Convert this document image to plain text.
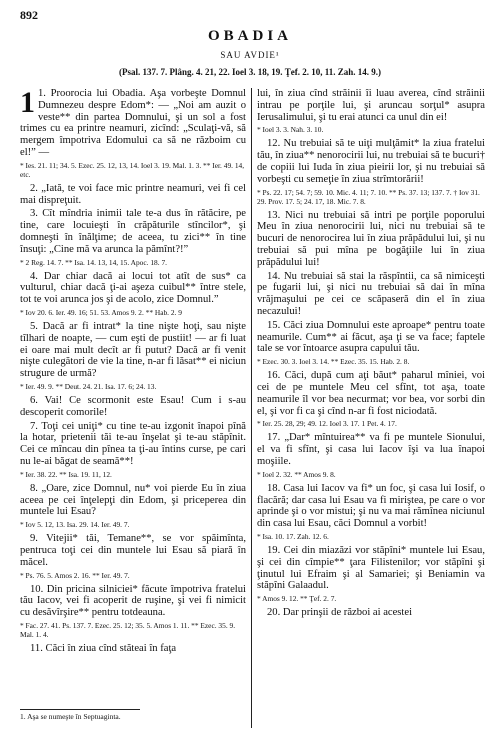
892
OBADIA
SAU AVDIE¹
(Psal. 137. 7. Plâng. 4. 21, 22. Ioel 3. 18, 19. Ţef. 2. 10, 11. Zah. 14. 9.)
1 1. Proorocia lui Obadia. Aşa vorbeşte Domnul Dumnezeu despre Edom*: — „Noi am auzit o veste** din partea Domnului, şi un sol a fost trimes cu ea printre neamuri, zicînd: „Sculaţi-vă, să mergem împotriva Edomului ca să ne războim cu el!” —

* Ies. 21. 11; 34. 5. Ezec. 25. 12, 13, 14. Ioel 3. 19. Mal. 1. 3. ** Ier. 49. 14, etc.

2. „Iată, te voi face mic printre neamuri, vei fi cel mai dispreţuit.

3. Cît mîndria inimii tale te-a dus în rătăcire, pe tine, care locuieşti în crăpăturile stîncilor*, şi domneşti în înălţime; de aceea, tu zici** în tine însuţi: „Cine mă va arunca la pămînt?!”

* 2 Reg. 14. 7. ** Isa. 14. 13, 14, 15. Apoc. 18. 7.

4. Dar chiar dacă ai locui tot atît de sus* ca vulturul, chiar dacă ţi-ai aşeza cuibul** între stele, tot te voi arunca jos şi de acolo, zice Domnul.”

* Iov 20. 6. Ier. 49. 16; 51. 53. Amos 9. 2. ** Hab. 2. 9

5. Dacă ar fi intrat* la tine nişte hoţi, sau nişte tîlhari de noapte, — cum eşti de pustiit! — ar fi luat ei oare mai mult decît ar fi putut? Dacă ar fi venit nişte culegători de vie la tine, n-ar fi lăsat** ei niciun strugure de urmă?

* Ier. 49. 9. ** Deut. 24. 21. Isa. 17. 6; 24. 13.

6. Vai! Ce scormonit este Esau! Cum i s-au descoperit comorile!

7. Toţi cei uniţi* cu tine te-au izgonit înapoi pînă la hotar, prietenii tăi te-au înşelat şi te-au stăpînit. Cei ce mîncau din pînea ta ţi-au întins curse, pe cari nu le-ai băgat de seamă**!

* Ier. 38. 22. ** Isa. 19. 11, 12.

8. „Oare, zice Domnul, nu* voi pierde Eu în ziua aceea pe cei înţelepţi din Edom, şi priceperea din muntele lui Esau?

* Iov 5. 12, 13. Isa. 29. 14. Ier. 49. 7.

9. Vitejii* tăi, Temane**, se vor spăimînta, pentruca toţi cei din muntele lui Esau să piară în măcel.

* Ps. 76. 5. Amos 2. 16. ** Ier. 49. 7.

10. Din pricina silniciei* făcute împotriva fratelui tău Iacov, vei fi acoperit de ruşine, şi vei fi nimicit cu desăvîrşire** pentru totdeauna.

* Fac. 27. 41. Ps. 137. 7. Ezec. 25. 12; 35. 5. Amos 1. 11. ** Ezec. 35. 9. Mal. 1. 4.

11. Căci în ziua cînd stăteai în faţa

lui, în ziua cînd străinii îi luau averea, cînd străinii intrau pe porţile lui, şi aruncau sorţul* asupra Ierusalimului, şi tu erai atunci ca unul din ei!

* Ioel 3. 3. Nah. 3. 10.

12. Nu trebuiai să te uiţi mulţămit* la ziua fratelui tău, în ziua** nenorocirii lui, nu trebuiai să te bucuri† de copiii lui Iuda în ziua pieirii lor, şi nu trebuiai să vorbeşti cu semeţie în ziua strîmtorării!

* Ps. 22. 17; 54. 7; 59. 10. Mic. 4. 11; 7. 10. ** Ps. 37. 13; 137. 7. † Iov 31. 29. Prov. 17. 5; 24. 17, 18. Mic. 7. 8.

13. Nici nu trebuiai să intri pe porţile poporului Meu în ziua nenorocirii lui, nici nu trebuiai să te bucuri de nenorocirea lui în ziua prăpădului lui, şi nu trebuiai să pui mîna pe bogăţiile lui în ziua prăpădului lui!

14. Nu trebuiai să stai la răspîntii, ca să nimiceşti pe fugarii lui, şi nici nu trebuiai să dai în mîna vrăjmaşului pe cei ce scăpaseră din el în ziua necazului!

15. Căci ziua Domnului este aproape* pentru toate neamurile. Cum** ai făcut, aşa ţi se va face; faptele tale se vor întoarce asupra capului tău.

* Ezec. 30. 3. Ioel 3. 14. ** Ezec. 35. 15. Hab. 2. 8.

16. Căci, după cum aţi băut* paharul mîniei, voi cei de pe muntele Meu cel sfînt, tot aşa, toate neamurile îl vor bea necurmat; vor bea, vor sorbi din el, şi vor fi ca şi cînd n-ar fi fost niciodată.

* Ier. 25. 28, 29; 49. 12. Ioel 3. 17. 1 Pet. 4. 17.

17. „Dar* mîntuirea** va fi pe muntele Sionului, el va fi sfînt, şi casa lui Iacov îşi va lua înapoi moşiile.

* Ioel 2. 32. ** Amos 9. 8.

18. Casa lui Iacov va fi* un foc, şi casa lui Iosif, o flacără; dar casa lui Esau va fi miriştea, pe care o vor aprinde şi o vor mistui; şi nu va mai rămînea niciunul din casa lui Esau, căci Domnul a vorbit!

* Isa. 10. 17. Zah. 12. 6.

19. Cei din miazăzi vor stăpîni* muntele lui Esau, şi cei din cîmpie** ţara Filistenilor; vor stăpîni şi ţinutul lui Efraim şi al Samariei; şi Beniamin va stăpîni Galaadul.

* Amos 9. 12. ** Ţef. 2. 7.

20. Dar prinşii de război ai acestei

1. Aşa se numeşte în Septuaginta.
